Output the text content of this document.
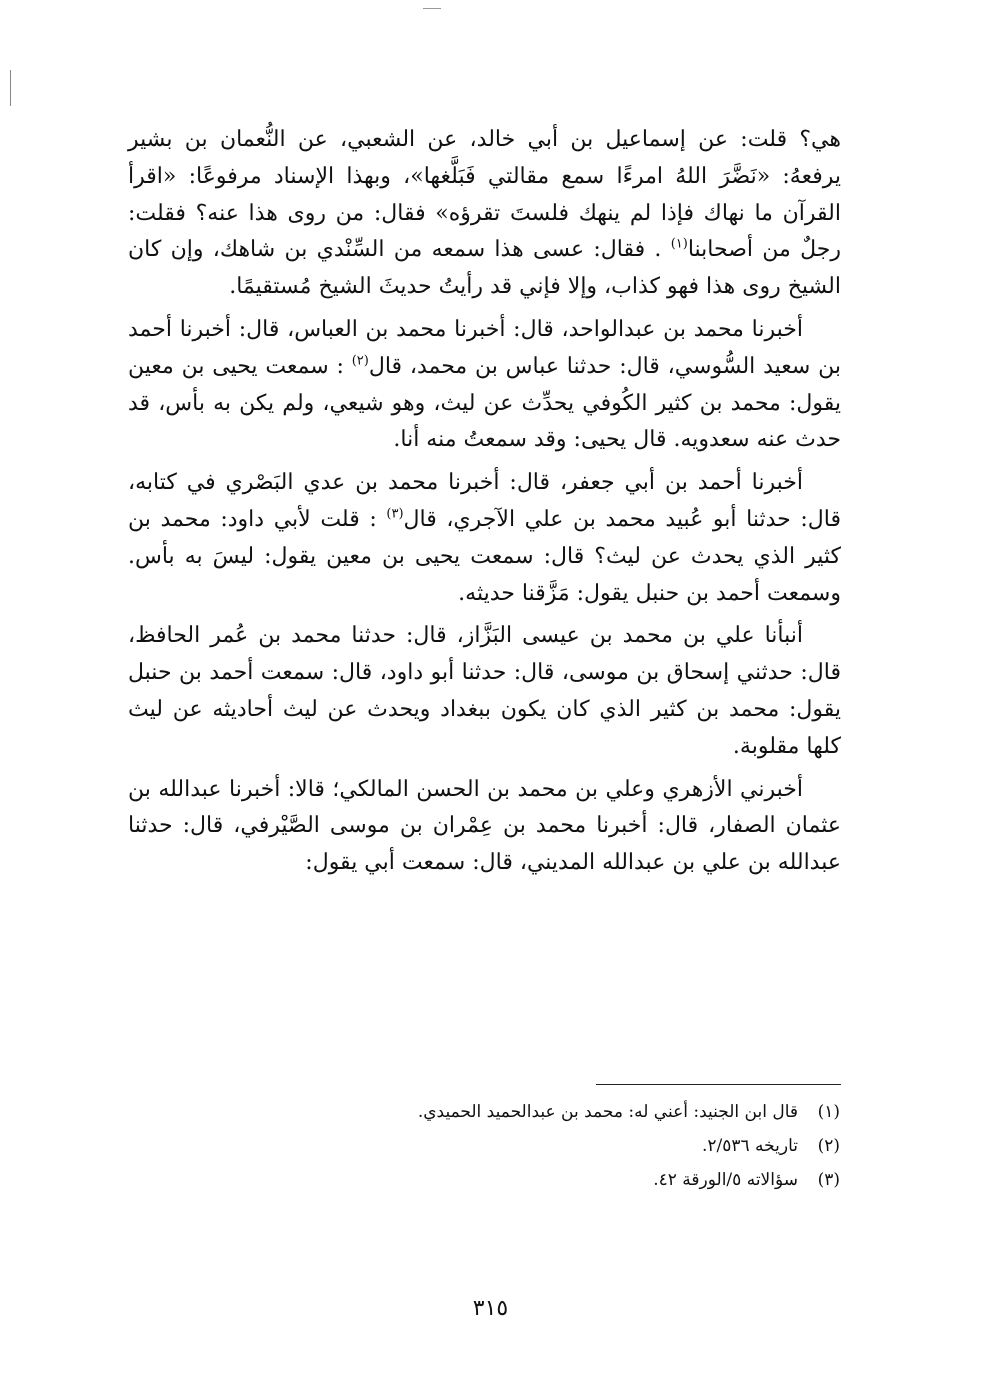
هي؟ قلت: عن إسماعيل بن أبي خالد، عن الشعبي، عن النُّعمان بن بشير يرفعهُ: «نَضَّرَ اللهُ امرءًا سمع مقالتي فَبَلَّغها»، وبهذا الإسناد مرفوعًا: «اقرأ القرآن ما نهاك فإذا لم ينهك فلستَ تقرؤه» فقال: من روى هذا عنه؟ فقلت: رجلٌ من أصحابنا$^{(١)}$ . فقال: عسى هذا سمعه من السِّنْدي بن شاهك، وإن كان الشيخ روى هذا فهو كذاب، وإلا فإني قد رأيتُ حديثَ الشيخ مُستقيمًا.

أخبرنا محمد بن عبدالواحد، قال: أخبرنا محمد بن العباس، قال: أخبرنا أحمد بن سعيد السُّوسي، قال: حدثنا عباس بن محمد، قال$^{(٢)}$ : سمعت يحيى بن معين يقول: محمد بن كثير الكُوفي يحدِّث عن ليث، وهو شيعي، ولم يكن به بأس، قد حدث عنه سعدويه. قال يحيى: وقد سمعتُ منه أنا.

أخبرنا أحمد بن أبي جعفر، قال: أخبرنا محمد بن عدي البَصْري في كتابه، قال: حدثنا أبو عُبيد محمد بن علي الآجري، قال$^{(٣)}$ : قلت لأبي داود: محمد بن كثير الذي يحدث عن ليث؟ قال: سمعت يحيى بن معين يقول: ليسَ به بأس. وسمعت أحمد بن حنبل يقول: مَزَّقنا حديثه.

أنبأنا علي بن محمد بن عيسى البَزَّاز، قال: حدثنا محمد بن عُمر الحافظ، قال: حدثني إسحاق بن موسى، قال: حدثنا أبو داود، قال: سمعت أحمد بن حنبل يقول: محمد بن كثير الذي كان يكون ببغداد ويحدث عن ليث أحاديثه عن ليث كلها مقلوبة.

أخبرني الأزهري وعلي بن محمد بن الحسن المالكي؛ قالا: أخبرنا عبدالله بن عثمان الصفار، قال: أخبرنا محمد بن عِمْران بن موسى الصَّيْرفي، قال: حدثنا عبدالله بن علي بن عبدالله المديني، قال: سمعت أبي يقول:

(١)قال ابن الجنيد: أعني له: محمد بن عبدالحميد الحميدي.
(٢)تاريخه ٢/٥٣٦.
(٣)سؤالاته ٥/الورقة ٤٢.
٣١٥
